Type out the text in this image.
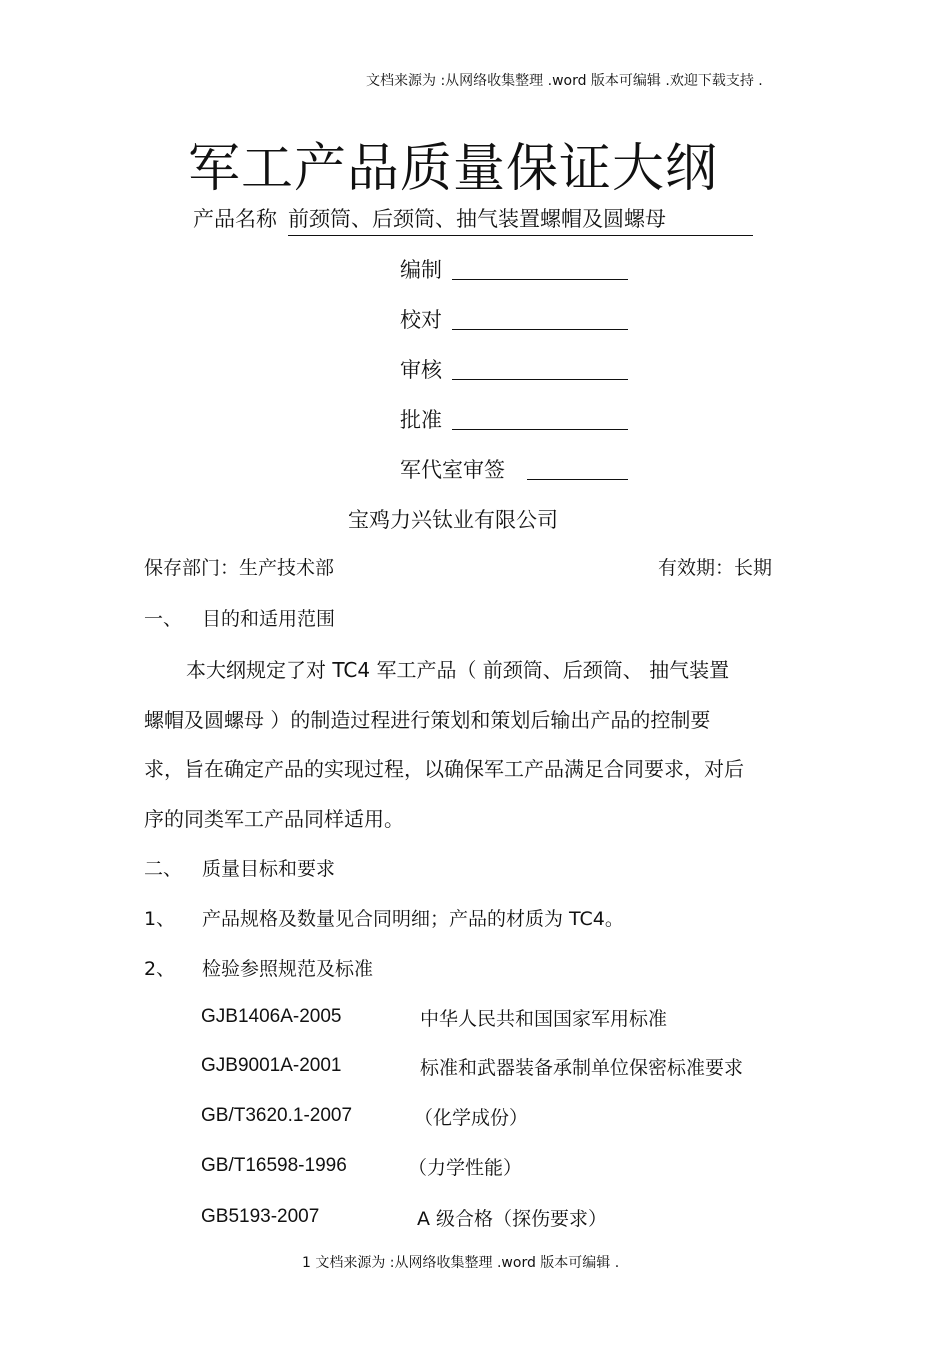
文档来源为 :从网络收集整理 .word 版本可编辑 .欢迎下载支持 .
军工产品质量保证大纲
产品名称 前颈筒、后颈筒、抽气装置螺帽及圆螺母
编制
校对
审核
批准
军代室审签
宝鸡力兴钛业有限公司
保存部门：生产技术部	有效期：长期
一、 目的和适用范围
本大纲规定了对 TC4 军工产品（ 前颈筒、后颈筒、 抽气装置
螺帽及圆螺母 ）的制造过程进行策划和策划后输出产品的控制要
求，旨在确定产品的实现过程，以确保军工产品满足合同要求，对后
序的同类军工产品同样适用。
二、 质量目标和要求
1、 产品规格及数量见合同明细；产品的材质为 TC4。
2、 检验参照规范及标准
GJB1406A-2005	中华人民共和国国家军用标准
GJB9001A-2001	标准和武器装备承制单位保密标准要求
GB/T3620.1-2007	（化学成份）
GB/T16598-1996	（力学性能）
GB5193-2007	A 级合格（探伤要求）
1 文档来源为 :从网络收集整理 .word 版本可编辑 .
